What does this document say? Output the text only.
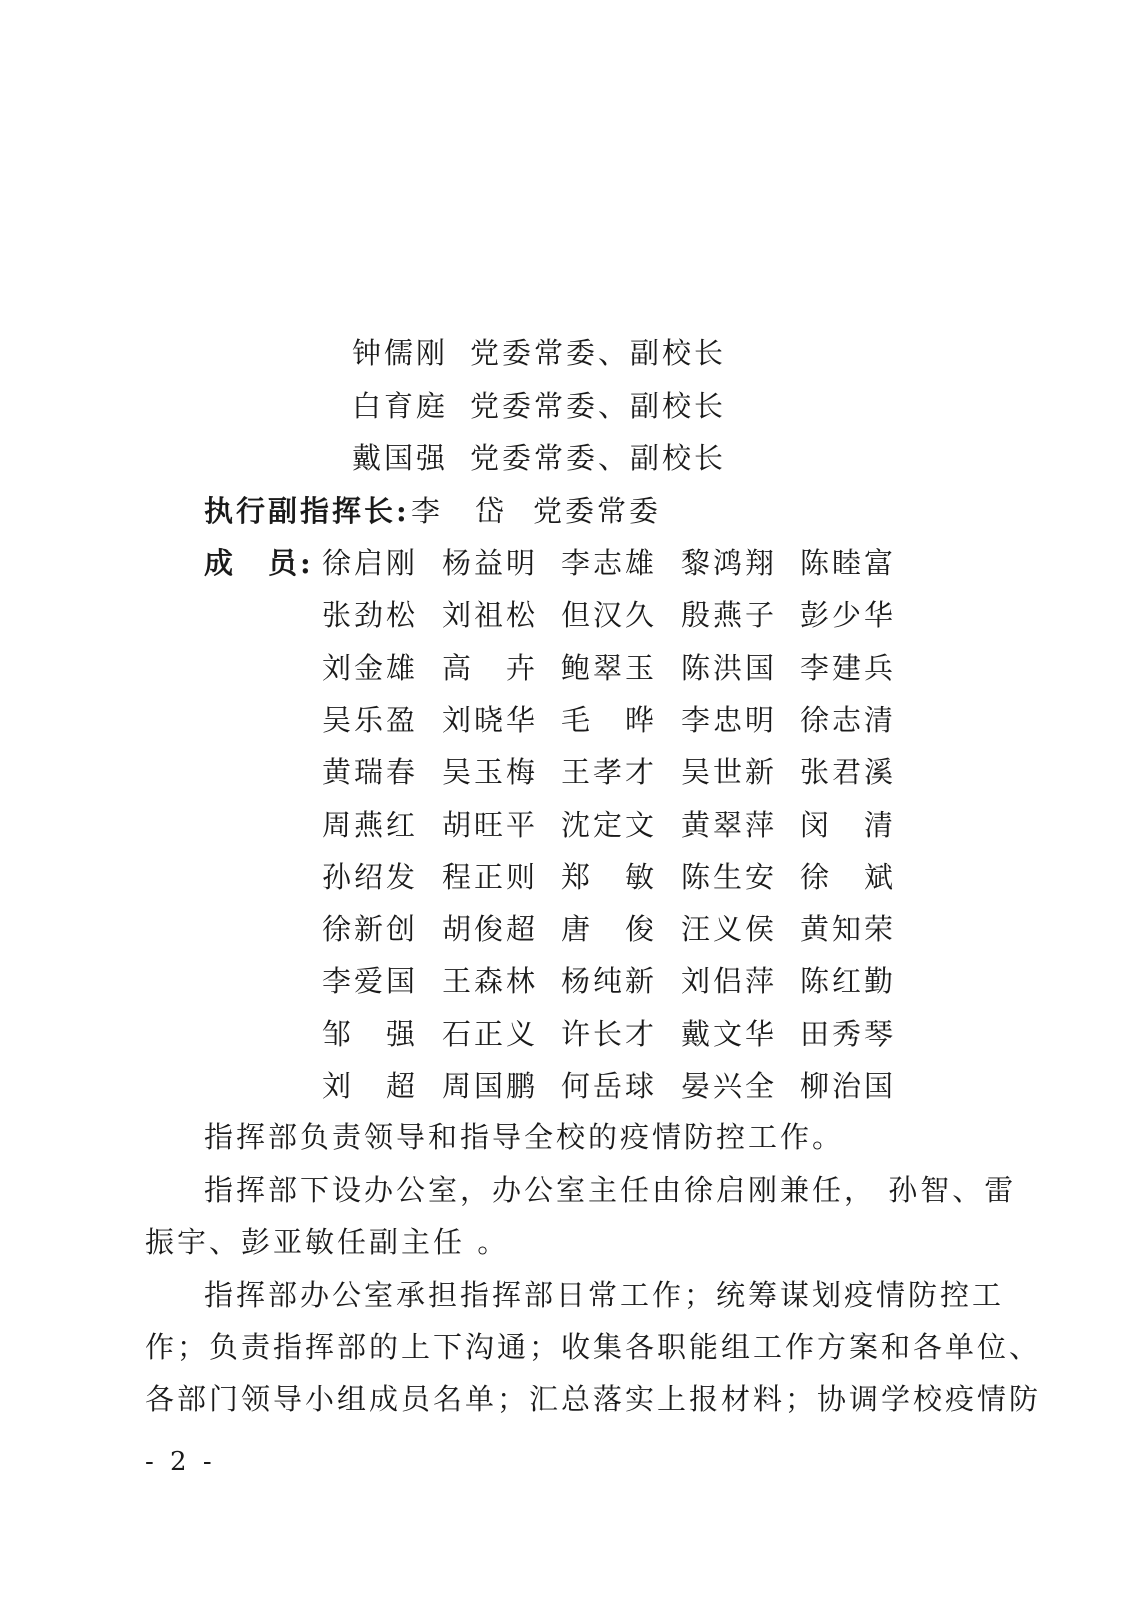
钟儒刚 党委常委、副校长
白育庭 党委常委、副校长
戴国强 党委常委、副校长
执行副指挥长: 李　岱 党委常委
成　员: 徐启刚 杨益明 李志雄 黎鸿翔 陈睦富
张劲松 刘祖松 但汉久 殷燕子 彭少华
刘金雄 高　卉 鲍翠玉 陈洪国 李建兵
吴乐盈 刘晓华 毛　晔 李忠明 徐志清
黄瑞春 吴玉梅 王孝才 吴世新 张君溪
周燕红 胡旺平 沈定文 黄翠萍 闵　清
孙绍发 程正则 郑　敏 陈生安 徐　斌
徐新创 胡俊超 唐　俊 汪义侯 黄知荣
李爱国 王森林 杨纯新 刘侣萍 陈红勤
邹　强 石正义 许长才 戴文华 田秀琴
刘　超 周国鹏 何岳球 晏兴全 柳治国
指挥部负责领导和指导全校的疫情防控工作。
指挥部下设办公室，办公室主任由徐启刚兼任， 孙智、雷
振宇、彭亚敏任副主任 。
指挥部办公室承担指挥部日常工作；统筹谋划疫情防控工
作；负责指挥部的上下沟通；收集各职能组工作方案和各单位、
各部门领导小组成员名单；汇总落实上报材料；协调学校疫情防
- 2 -
